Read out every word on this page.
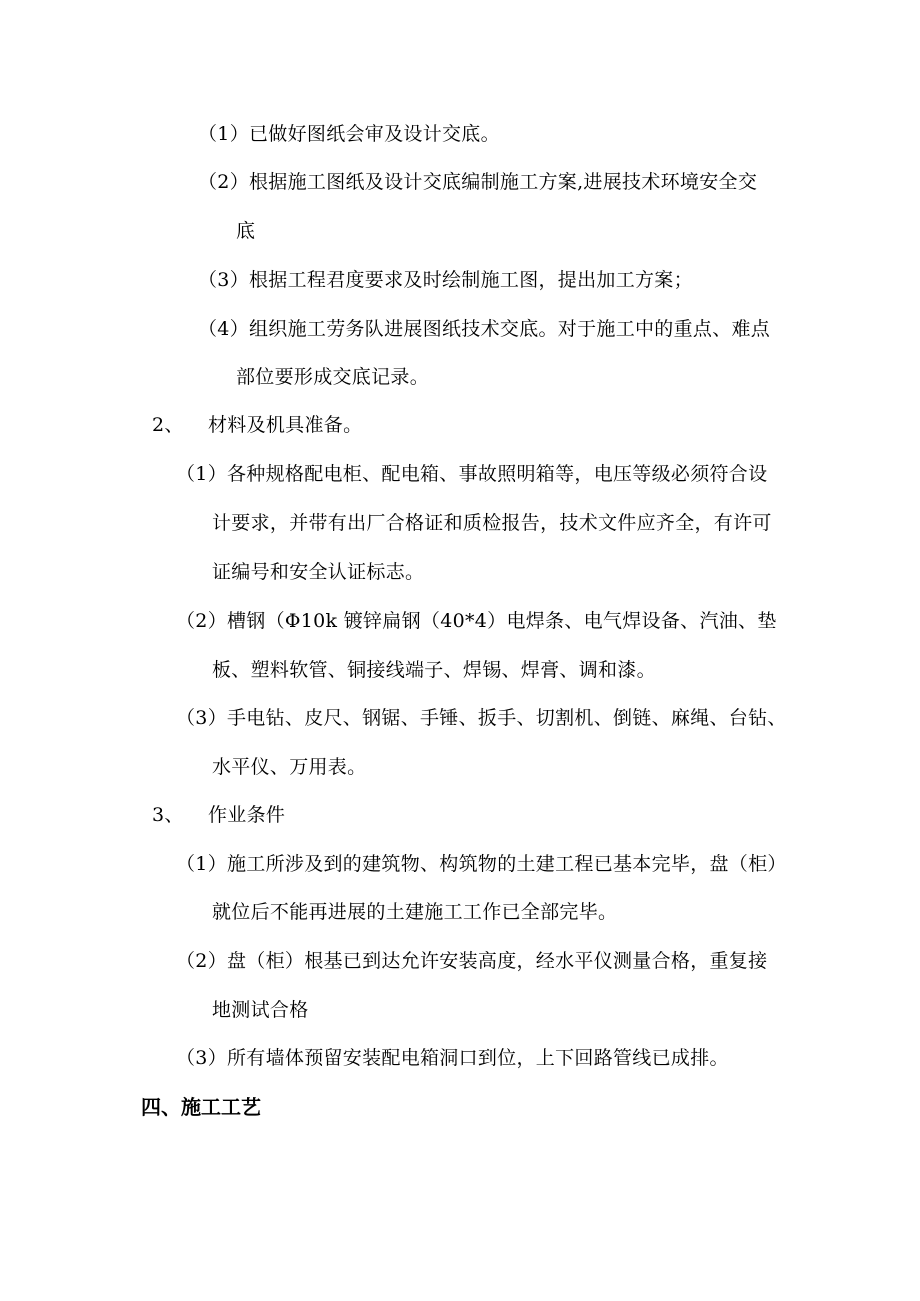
（1）已做好图纸会审及设计交底。
（2）根据施工图纸及设计交底编制施工方案,进展技术环境安全交
底
（3）根据工程君度要求及时绘制施工图，提出加工方案；
（4）组织施工劳务队进展图纸技术交底。对于施工中的重点、难点
部位要形成交底记录。
2、 材料及机具准备。
（1）各种规格配电柜、配电箱、事故照明箱等，电压等级必须符合设
计要求，并带有出厂合格证和质检报告，技术文件应齐全，有许可
证编号和安全认证标志。
（2）槽钢（Φ10k 镀锌扁钢（40*4）电焊条、电气焊设备、汽油、垫
板、塑料软管、铜接线端子、焊锡、焊膏、调和漆。
（3）手电钻、皮尺、钢锯、手锤、扳手、切割机、倒链、麻绳、台钻、
水平仪、万用表。
3、 作业条件
（1）施工所涉及到的建筑物、构筑物的土建工程已基本完毕，盘（柜）
就位后不能再进展的土建施工工作已全部完毕。
（2）盘（柜）根基已到达允许安装高度，经水平仪测量合格，重复接
地测试合格
（3）所有墙体预留安装配电箱洞口到位，上下回路管线已成排。
四、施工工艺
